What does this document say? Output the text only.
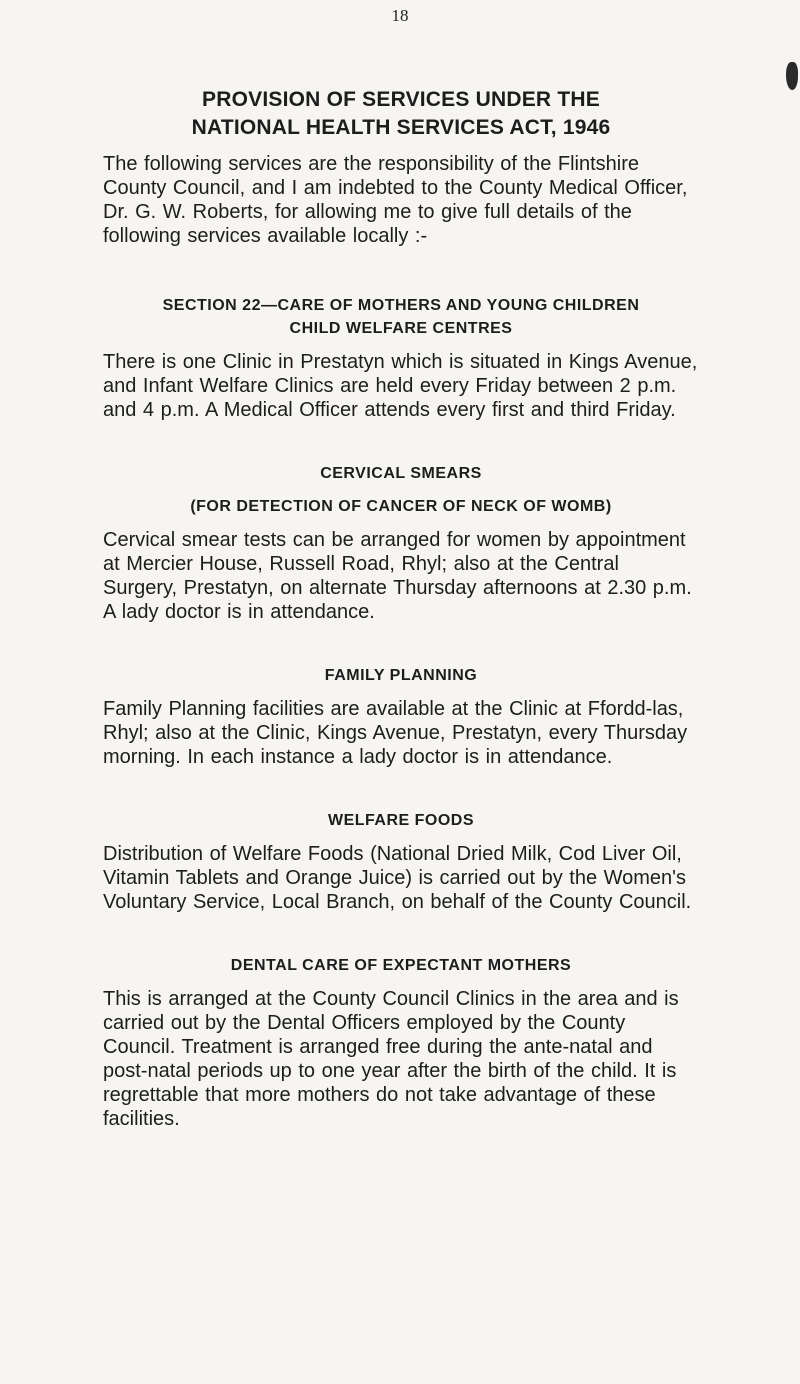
18
PROVISION OF SERVICES UNDER THE
NATIONAL HEALTH SERVICES ACT, 1946

The following services are the responsibility of the Flintshire County Council, and I am indebted to the County Medical Officer, Dr. G. W. Roberts, for allowing me to give full details of the following services available locally :-

SECTION 22—CARE OF MOTHERS AND YOUNG CHILDREN
CHILD WELFARE CENTRES

There is one Clinic in Prestatyn which is situated in Kings Avenue, and Infant Welfare Clinics are held every Friday between 2 p.m. and 4 p.m. A Medical Officer attends every first and third Friday.

CERVICAL SMEARS
(FOR DETECTION OF CANCER OF NECK OF WOMB)

Cervical smear tests can be arranged for women by appointment at Mercier House, Russell Road, Rhyl; also at the Central Surgery, Prestatyn, on alternate Thursday afternoons at 2.30 p.m. A lady doctor is in attendance.

FAMILY PLANNING

Family Planning facilities are available at the Clinic at Ffordd-las, Rhyl; also at the Clinic, Kings Avenue, Prestatyn, every Thursday morning. In each instance a lady doctor is in attendance.

WELFARE FOODS

Distribution of Welfare Foods (National Dried Milk, Cod Liver Oil, Vitamin Tablets and Orange Juice) is carried out by the Women's Voluntary Service, Local Branch, on behalf of the County Council.

DENTAL CARE OF EXPECTANT MOTHERS

This is arranged at the County Council Clinics in the area and is carried out by the Dental Officers employed by the County Council. Treatment is arranged free during the ante-natal and post-natal periods up to one year after the birth of the child. It is regrettable that more mothers do not take advantage of these facilities.
